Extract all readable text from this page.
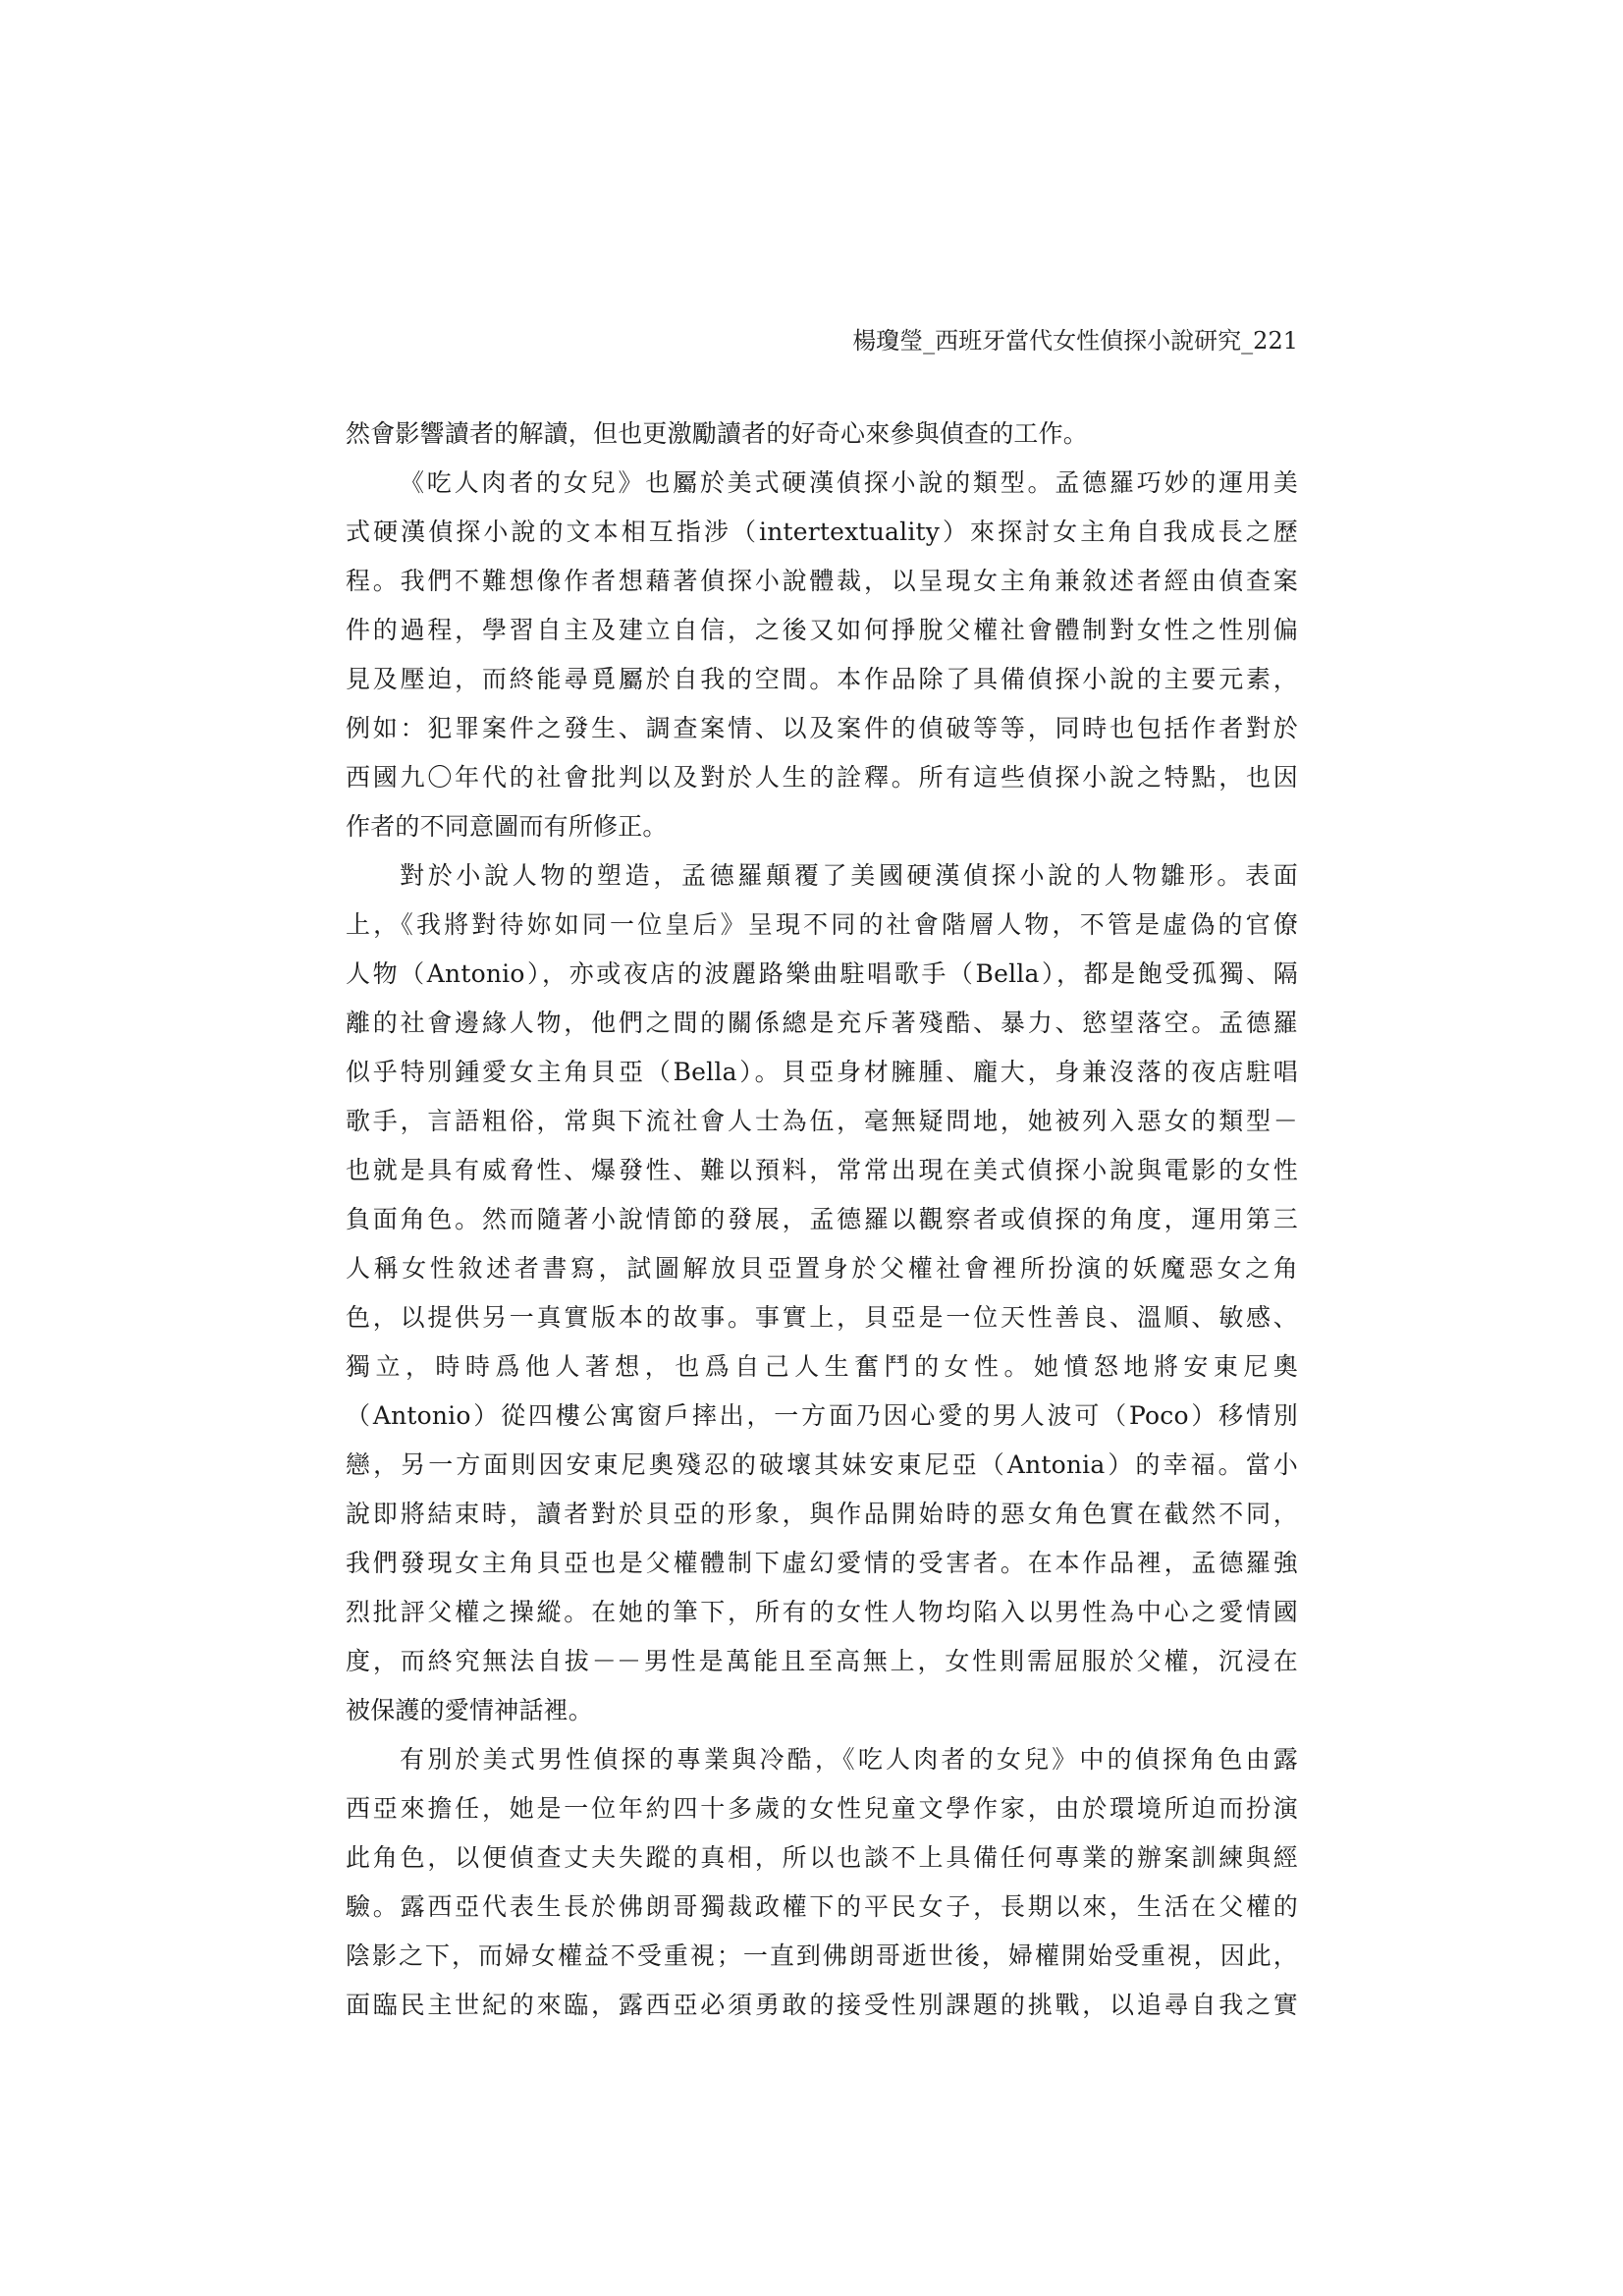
楊瓊瑩_西班牙當代女性偵探小說研究_221
然會影響讀者的解讀，但也更激勵讀者的好奇心來參與偵查的工作。
《吃人肉者的女兒》也屬於美式硬漢偵探小說的類型。孟德羅巧妙的運用美
式硬漢偵探小說的文本相互指涉（intertextuality）來探討女主角自我成長之歷
程。我們不難想像作者想藉著偵探小說體裁，以呈現女主角兼敘述者經由偵查案
件的過程，學習自主及建立自信，之後又如何掙脫父權社會體制對女性之性別偏
見及壓迫，而終能尋覓屬於自我的空間。本作品除了具備偵探小說的主要元素，
例如：犯罪案件之發生、調查案情、以及案件的偵破等等，同時也包括作者對於
西國九〇年代的社會批判以及對於人生的詮釋。所有這些偵探小說之特點，也因
作者的不同意圖而有所修正。
對於小說人物的塑造，孟德羅顛覆了美國硬漢偵探小說的人物雛形。表面
上，《我將對待妳如同一位皇后》呈現不同的社會階層人物，不管是虛偽的官僚
人物（Antonio），亦或夜店的波麗路樂曲駐唱歌手（Bella），都是飽受孤獨、隔
離的社會邊緣人物，他們之間的關係總是充斥著殘酷、暴力、慾望落空。孟德羅
似乎特別鍾愛女主角貝亞（Bella）。貝亞身材臃腫、龐大，身兼沒落的夜店駐唱
歌手，言語粗俗，常與下流社會人士為伍，毫無疑問地，她被列入惡女的類型－
也就是具有威脅性、爆發性、難以預料，常常出現在美式偵探小說與電影的女性
負面角色。然而隨著小說情節的發展，孟德羅以觀察者或偵探的角度，運用第三
人稱女性敘述者書寫，試圖解放貝亞置身於父權社會裡所扮演的妖魔惡女之角
色，以提供另一真實版本的故事。事實上，貝亞是一位天性善良、溫順、敏感、
獨立，時時爲他人著想，也爲自己人生奮鬥的女性。她憤怒地將安東尼奧
（Antonio）從四樓公寓窗戶摔出，一方面乃因心愛的男人波可（Poco）移情別
戀，另一方面則因安東尼奧殘忍的破壞其妹安東尼亞（Antonia）的幸福。當小
說即將結束時，讀者對於貝亞的形象，與作品開始時的惡女角色實在截然不同，
我們發現女主角貝亞也是父權體制下虛幻愛情的受害者。在本作品裡，孟德羅強
烈批評父權之操縱。在她的筆下，所有的女性人物均陷入以男性為中心之愛情國
度，而終究無法自拔－－男性是萬能且至高無上，女性則需屈服於父權，沉浸在
被保護的愛情神話裡。
有別於美式男性偵探的專業與冷酷，《吃人肉者的女兒》中的偵探角色由露
西亞來擔任，她是一位年約四十多歲的女性兒童文學作家，由於環境所迫而扮演
此角色，以便偵查丈夫失蹤的真相，所以也談不上具備任何專業的辦案訓練與經
驗。露西亞代表生長於佛朗哥獨裁政權下的平民女子，長期以來，生活在父權的
陰影之下，而婦女權益不受重視；一直到佛朗哥逝世後，婦權開始受重視，因此，
面臨民主世紀的來臨，露西亞必須勇敢的接受性別課題的挑戰，以追尋自我之實
